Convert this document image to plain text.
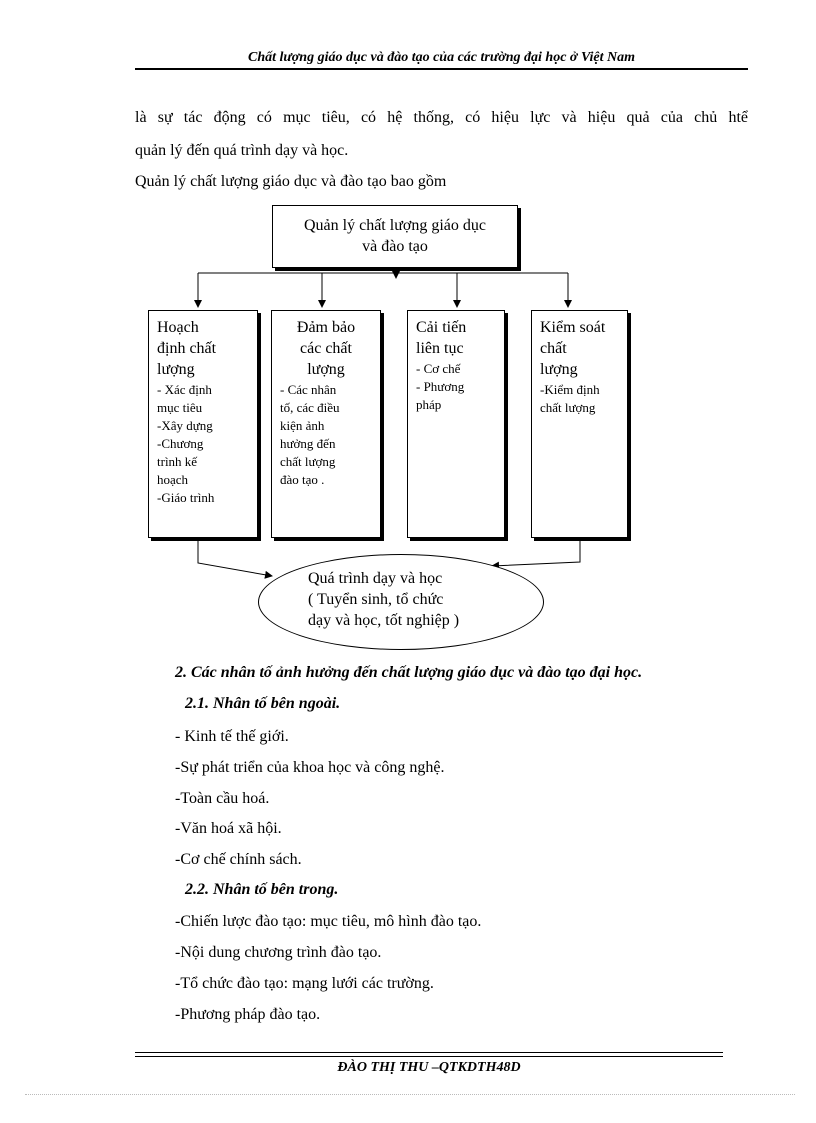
Chất lượng giáo dục và đào tạo của các trường đại học ở Việt Nam
là sự tác động có mục tiêu, có hệ thống, có hiệu lực và hiệu quả của chủ htể
quản lý đến quá trình dạy và học.
Quản lý chất lượng giáo dục và đào tạo bao gồm
Quản lý chất lượng giáo dục
và đào tạo
Hoạch
định chất
lượng
- Xác định
mục tiêu
-Xây dựng
-Chương
trình kế
hoạch
-Giáo trình
Đảm bảo
các chất
lượng
- Các nhân
tố, các điều
kiện ảnh
hưởng đến
chất lượng
đào tạo .
Cải tiến
liên tục
- Cơ chế
- Phương
pháp
Kiểm soát
chất
lượng
-Kiểm định
chất lượng
Quá trình dạy và học
( Tuyển sinh, tổ chức
dạy và học, tốt nghiệp )
2. Các nhân tố ảnh hưởng đến chất lượng giáo dục và đào tạo đại học.
2.1. Nhân tố bên ngoài.
- Kinh tế thế giới.
-Sự phát triển của khoa học và công nghệ.
-Toàn cầu hoá.
-Văn hoá xã hội.
-Cơ chế chính sách.
2.2. Nhân tố bên trong.
-Chiến lược đào tạo: mục tiêu, mô hình đào tạo.
-Nội dung chương trình đào tạo.
-Tổ chức đào tạo: mạng lưới các trường.
-Phương pháp đào tạo.
ĐÀO THỊ THU –QTKDTH48D
